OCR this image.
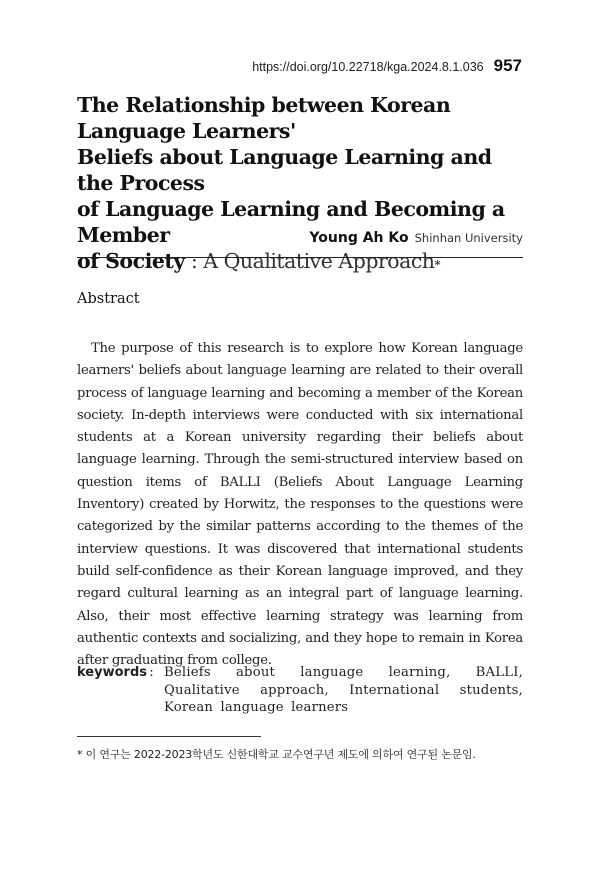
https://doi.org/10.22718/kga.2024.8.1.036 957
The Relationship between Korean Language Learners'
Beliefs about Language Learning and the Process
of Language Learning and Becoming a Member
of Society : A Qualitative Approach*
Young Ah Ko Shinhan University
Abstract
The purpose of this research is to explore how Korean language learners' beliefs about language learning are related to their overall process of language learning and becoming a member of the Korean society. In-depth interviews were conducted with six international students at a Korean university regarding their beliefs about language learning. Through the semi-structured interview based on question items of BALLI (Beliefs About Language Learning Inventory) created by Horwitz, the responses to the questions were categorized by the similar patterns according to the themes of the interview questions. It was discovered that international students build self-confidence as their Korean language improved, and they regard cultural learning as an integral part of language learning. Also, their most effective learning strategy was learning from authentic contexts and socializing, and they hope to remain in Korea after graduating from college.
keywords : Beliefs about language learning, BALLI, Qualitative approach, International students, Korean language learners
* 이 연구는 2022-2023학년도 신한대학교 교수연구년 제도에 의하여 연구된 논문임.
